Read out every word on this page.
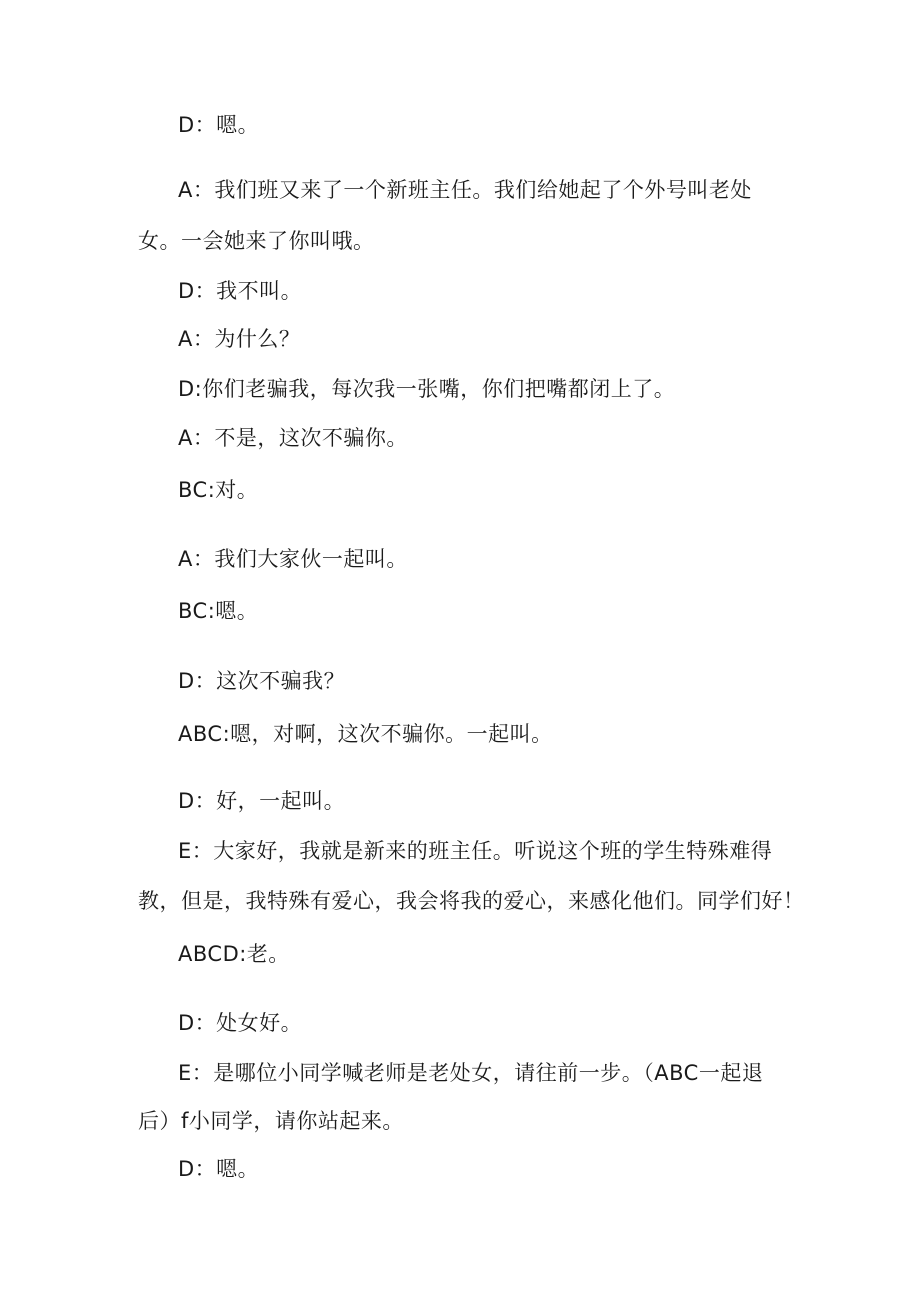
D：嗯。
A：我们班又来了一个新班主任。我们给她起了个外号叫老处
女。一会她来了你叫哦。
D：我不叫。
A：为什么？
D:你们老骗我，每次我一张嘴，你们把嘴都闭上了。
A：不是，这次不骗你。
BC:对。
A：我们大家伙一起叫。
BC:嗯。
D：这次不骗我？
ABC:嗯，对啊，这次不骗你。一起叫。
D：好，一起叫。
E：大家好，我就是新来的班主任。听说这个班的学生特殊难得
教，但是，我特殊有爱心，我会将我的爱心，来感化他们。同学们好！
ABCD:老。
D：处女好。
E：是哪位小同学喊老师是老处女，请往前一步。（ABC一起退
后）f小同学，请你站起来。
D：嗯。
